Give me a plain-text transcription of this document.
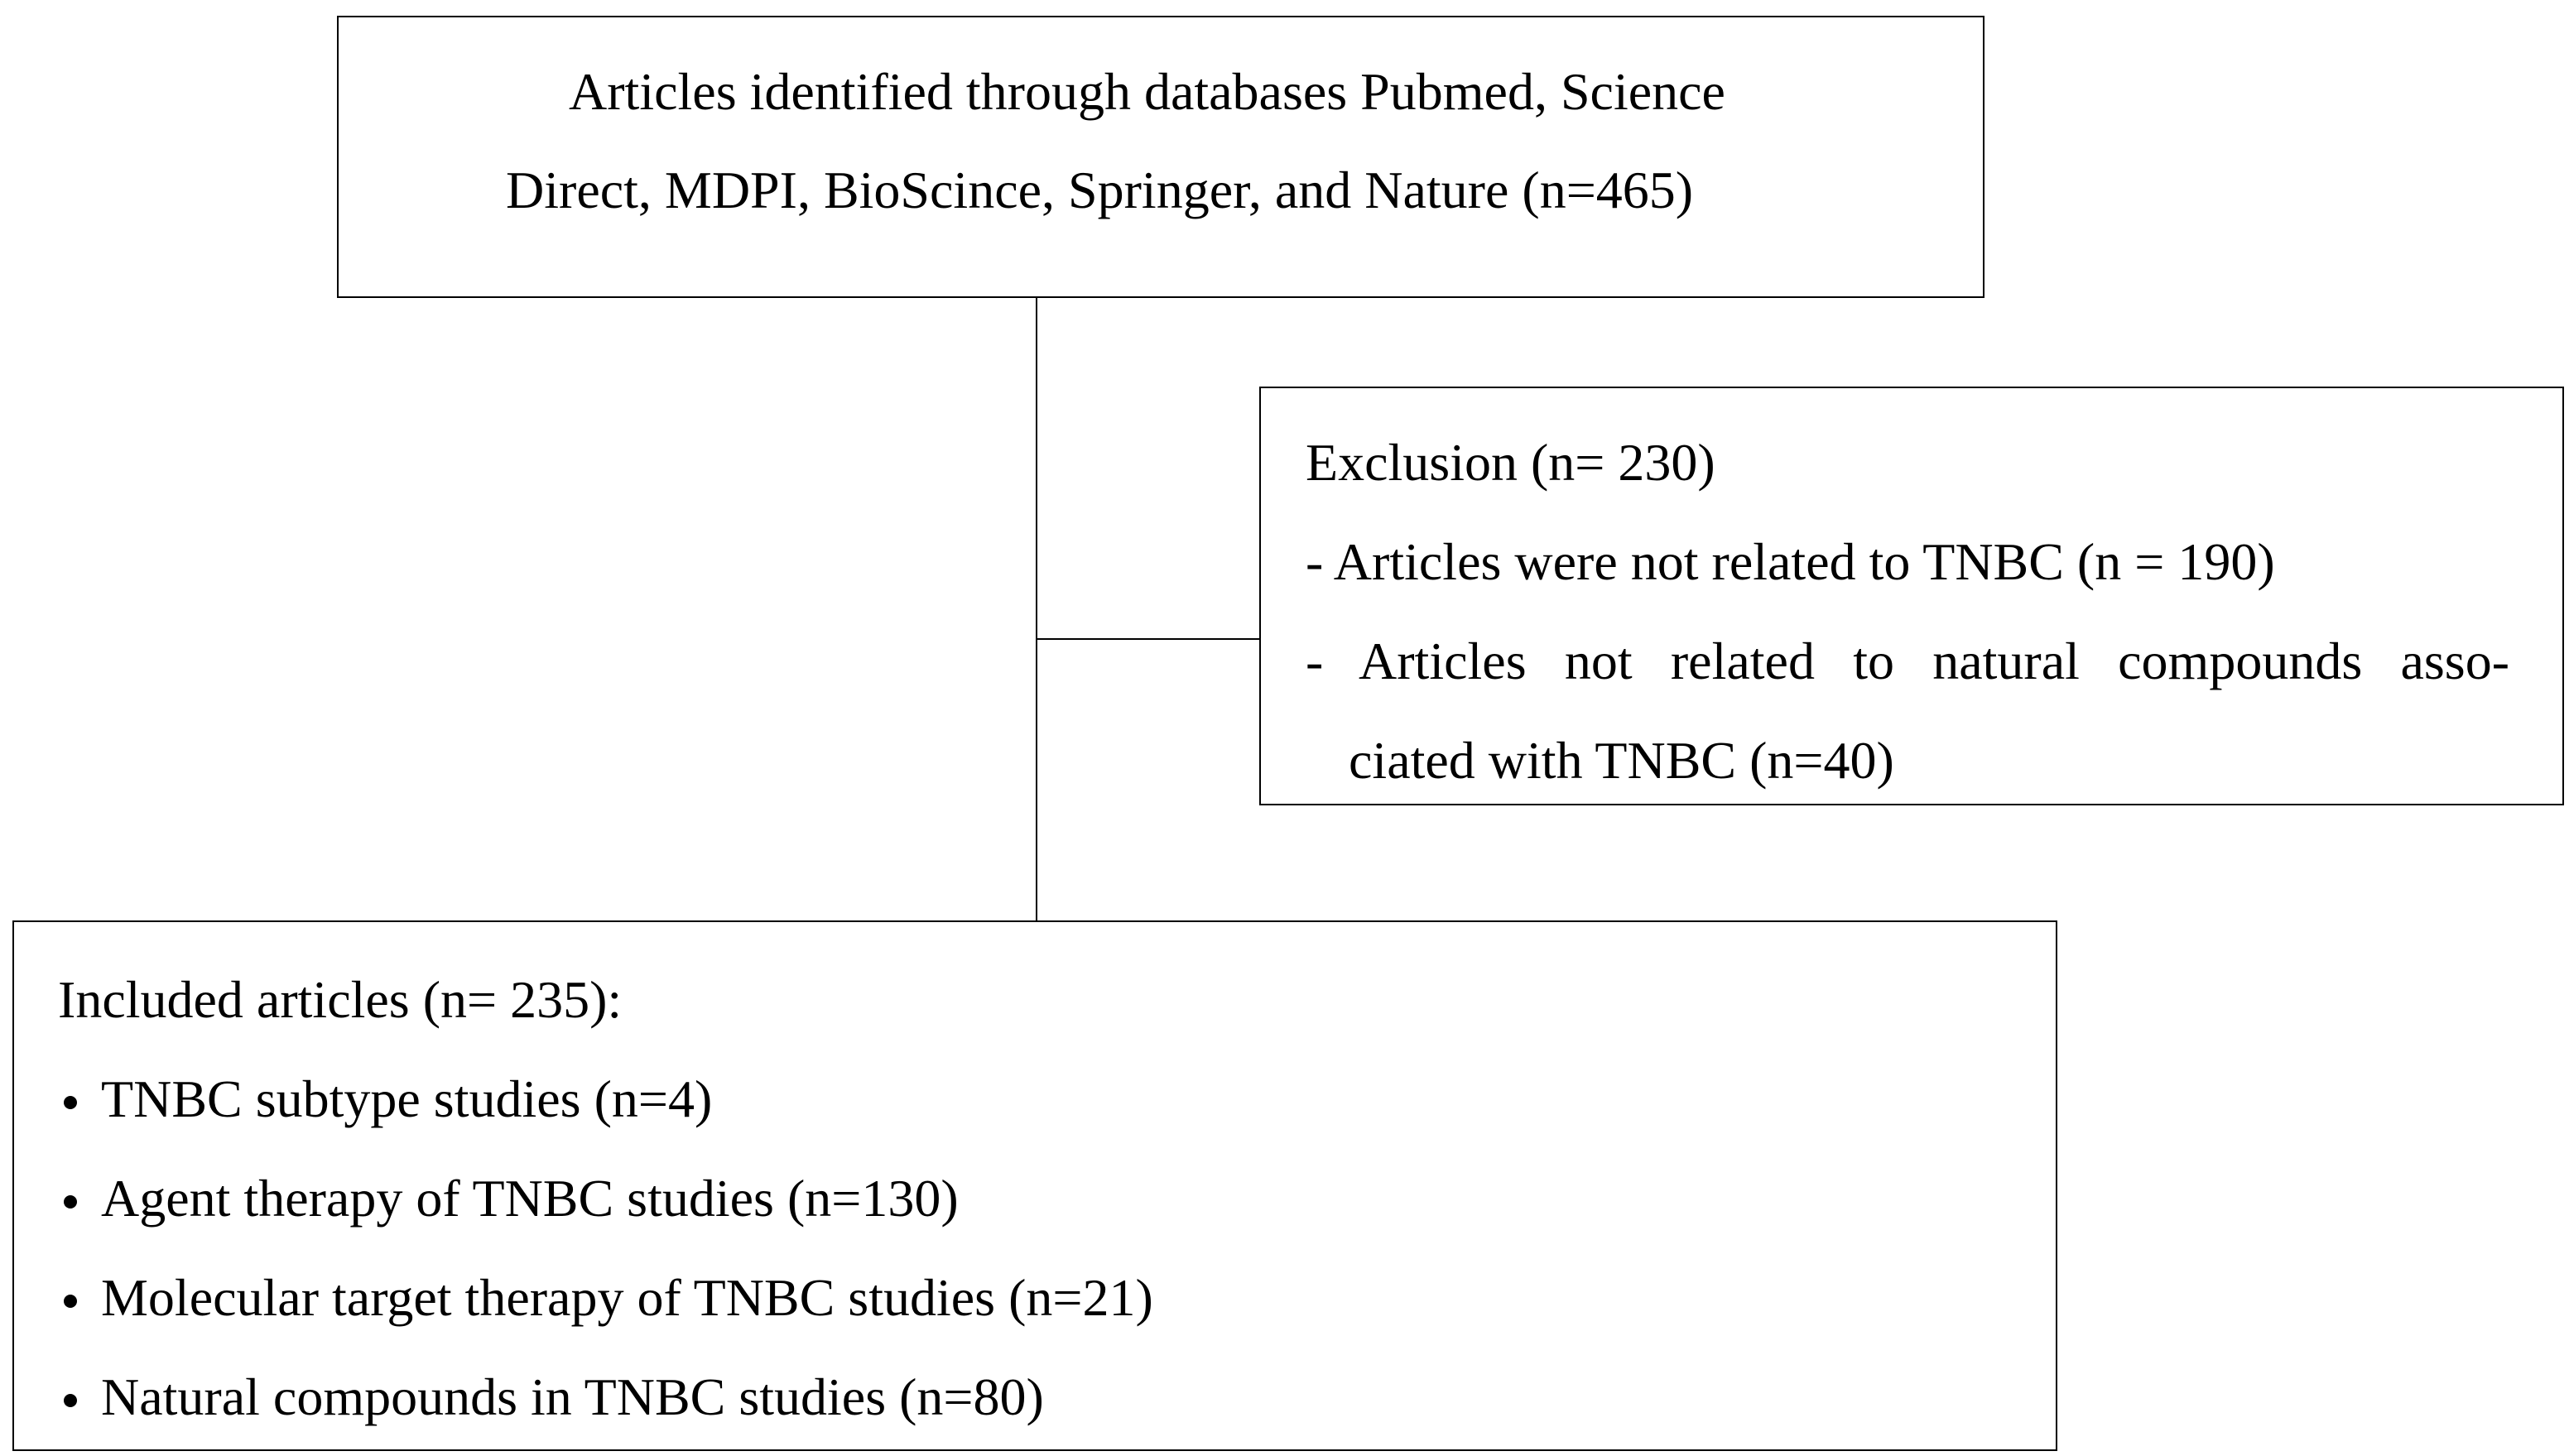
Articles identified through databases Pubmed, Science
Direct, MDPI, BioScince, Springer, and Nature (n=465)
Exclusion (n= 230)
- Articles were not related to TNBC (n = 190)
- Articles not related to natural compounds asso-
ciated with TNBC (n=40)
Included articles (n= 235):
TNBC subtype studies (n=4)
Agent therapy of TNBC studies (n=130)
Molecular target therapy of TNBC studies (n=21)
Natural compounds in TNBC studies (n=80)
